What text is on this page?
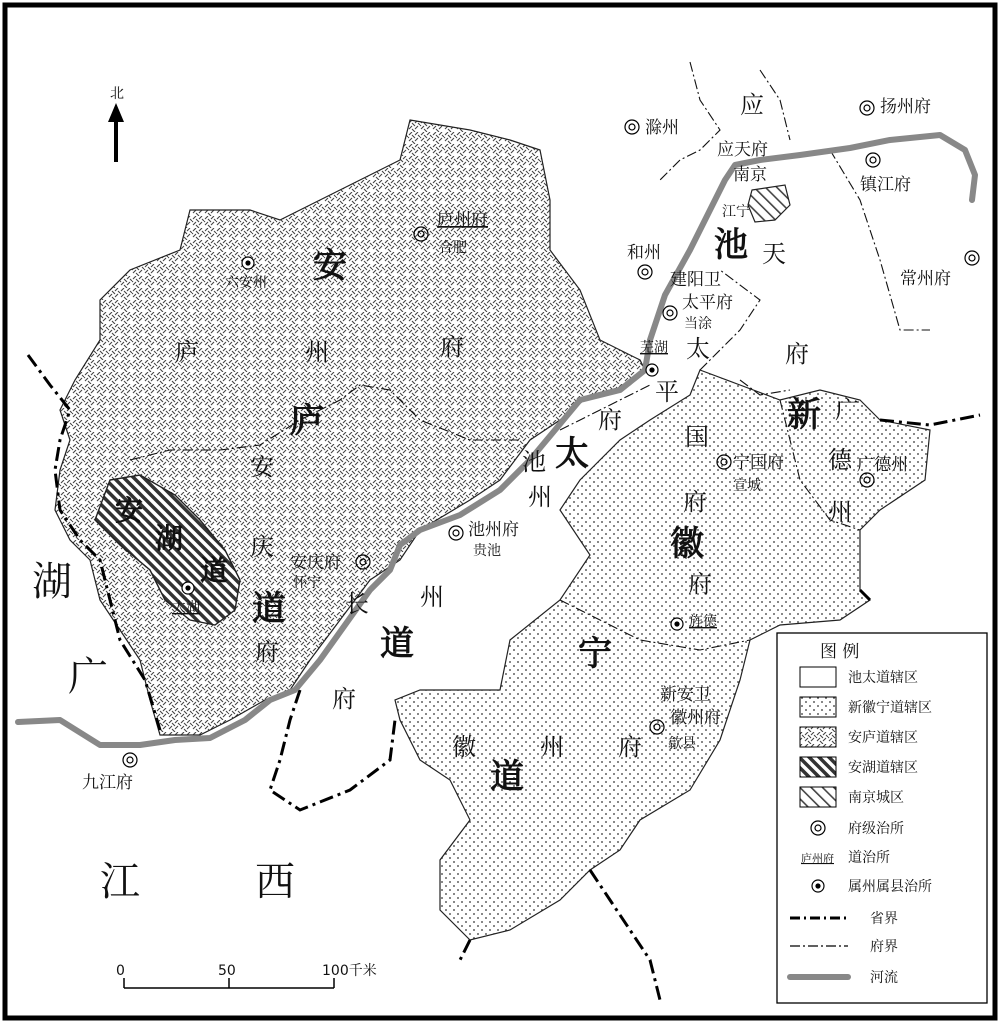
北
池
太
道
安
庐
道
安
湖
道
新
徽
宁
道
庐	州	府
安
庆
府
池
州
州
府
太
平
府
国
府
府
徽	州 府
广
德
州
应
天
府
长
湖
广
江	西
滁州
扬州府
应天府
南京	镇江府
和州
建阳卫
太平府
常州府
庐州府
宁国府	广德州
池州府
安庆府
新安卫
徽州府
九江府
江宁
当涂
合肥
六安州
芜湖
宣城
贵池
怀宁
太湖
旌德
歙县
0	50	100千米
图 例
庐州府
池太道辖区
新徽宁道辖区
安庐道辖区
安湖道辖区
南京城区
府级治所
道治所
属州属县治所
省界
府界
河流
